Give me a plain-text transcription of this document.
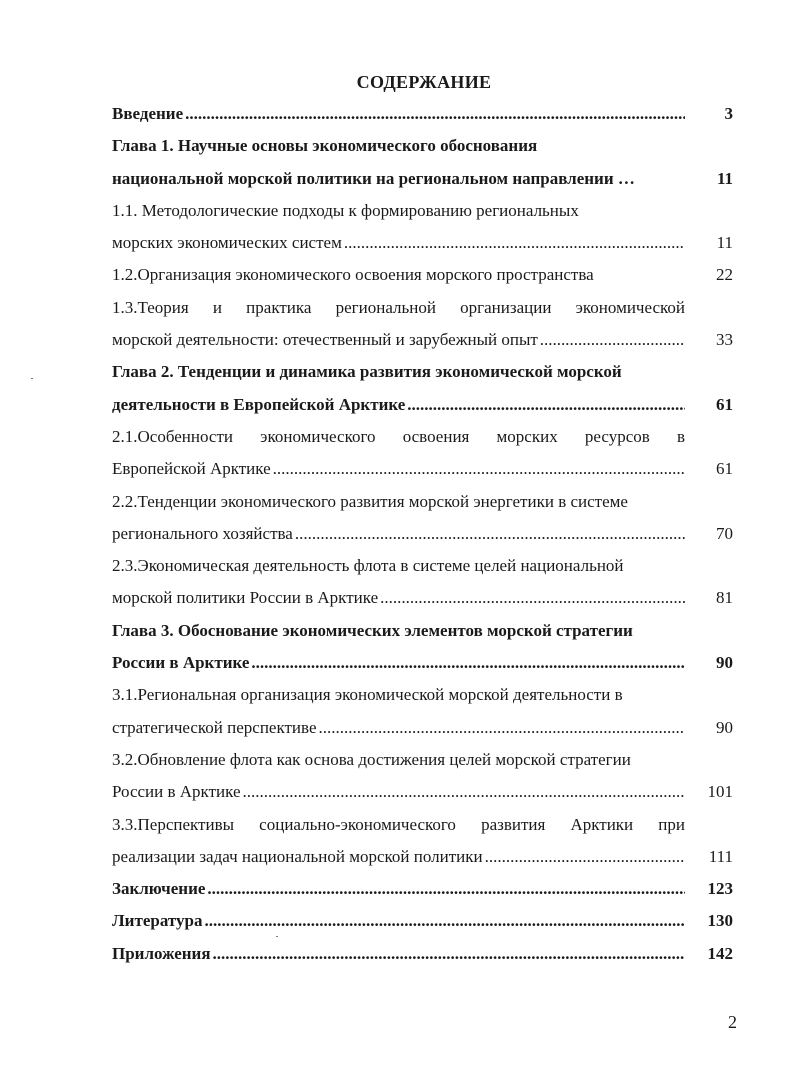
СОДЕРЖАНИЕ
Введение .....	3
Глава 1. Научные основы экономического обоснования
национальной морской политики на региональном направлении …	11
1.1. Методологические подходы к формированию региональных
морских экономических систем .....	11
1.2.Организация экономического освоения морского пространства	22
1.3.Теория и практика региональной организации экономической
морской деятельности: отечественный и зарубежный опыт .....	33
Глава 2. Тенденции и динамика развития экономической морской
деятельности в Европейской Арктике .....	61
2.1.Особенности экономического освоения морских ресурсов в
Европейской Арктике .....	61
2.2.Тенденции экономического развития морской энергетики в системе
регионального хозяйства .....	70
2.3.Экономическая деятельность флота в системе целей национальной
морской политики России в Арктике .....	81
Глава 3. Обоснование экономических элементов морской стратегии
России в Арктике .....	90
3.1.Региональная организация экономической морской деятельности в
стратегической перспективе .....	90
3.2.Обновление флота как основа достижения целей морской стратегии
России в Арктике .....	101
3.3.Перспективы социально-экономического развития Арктики при
реализации задач национальной морской политики .....	111
Заключение .....	123
Литература .....	130
Приложения .....	142
2
